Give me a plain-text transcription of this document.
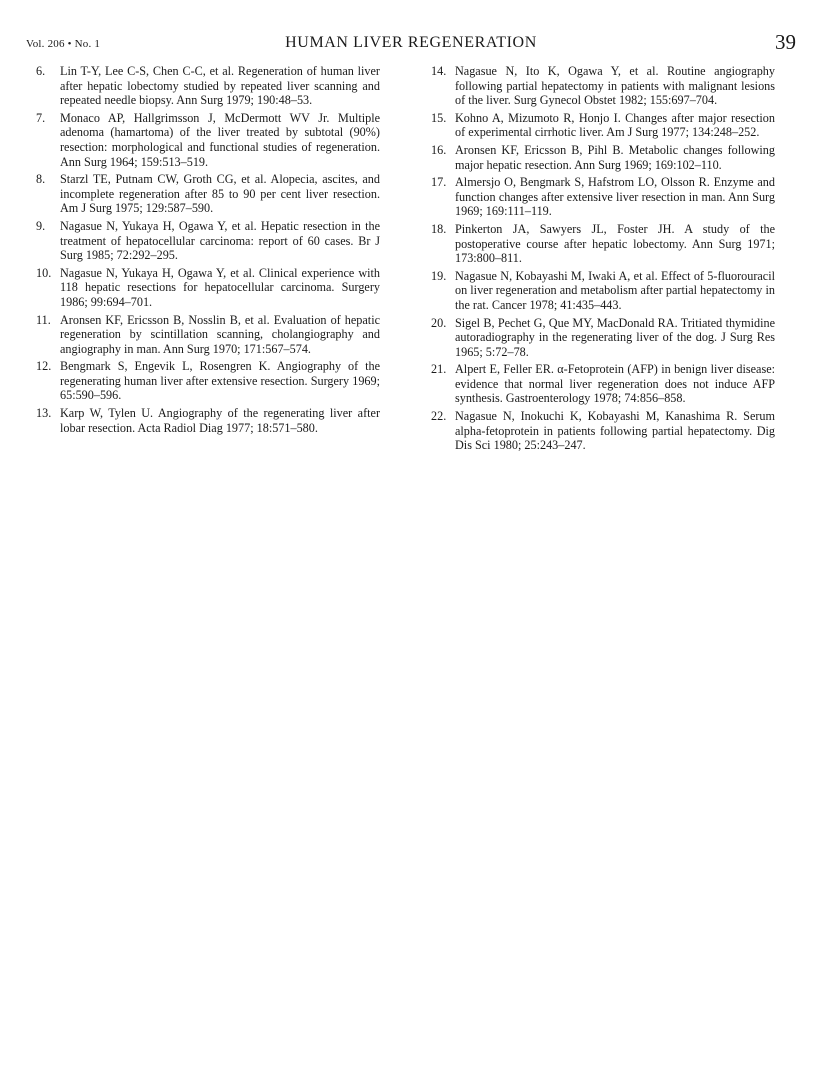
Vol. 206 • No. 1	HUMAN LIVER REGENERATION	39
6.	Lin T-Y, Lee C-S, Chen C-C, et al. Regeneration of human liver after hepatic lobectomy studied by repeated liver scanning and repeated needle biopsy. Ann Surg 1979; 190:48–53.
7.	Monaco AP, Hallgrimsson J, McDermott WV Jr. Multiple adenoma (hamartoma) of the liver treated by subtotal (90%) resection: morphological and functional studies of regeneration. Ann Surg 1964; 159:513–519.
8.	Starzl TE, Putnam CW, Groth CG, et al. Alopecia, ascites, and incomplete regeneration after 85 to 90 per cent liver resection. Am J Surg 1975; 129:587–590.
9.	Nagasue N, Yukaya H, Ogawa Y, et al. Hepatic resection in the treatment of hepatocellular carcinoma: report of 60 cases. Br J Surg 1985; 72:292–295.
10. Nagasue N, Yukaya H, Ogawa Y, et al. Clinical experience with 118 hepatic resections for hepatocellular carcinoma. Surgery 1986; 99:694–701.
11. Aronsen KF, Ericsson B, Nosslin B, et al. Evaluation of hepatic regeneration by scintillation scanning, cholangiography and angiography in man. Ann Surg 1970; 171:567–574.
12. Bengmark S, Engevik L, Rosengren K. Angiography of the regenerating human liver after extensive resection. Surgery 1969; 65:590–596.
13. Karp W, Tylen U. Angiography of the regenerating liver after lobar resection. Acta Radiol Diag 1977; 18:571–580.
14. Nagasue N, Ito K, Ogawa Y, et al. Routine angiography following partial hepatectomy in patients with malignant lesions of the liver. Surg Gynecol Obstet 1982; 155:697–704.
15. Kohno A, Mizumoto R, Honjo I. Changes after major resection of experimental cirrhotic liver. Am J Surg 1977; 134:248–252.
16. Aronsen KF, Ericsson B, Pihl B. Metabolic changes following major hepatic resection. Ann Surg 1969; 169:102–110.
17. Almersjo O, Bengmark S, Hafstrom LO, Olsson R. Enzyme and function changes after extensive liver resection in man. Ann Surg 1969; 169:111–119.
18. Pinkerton JA, Sawyers JL, Foster JH. A study of the postoperative course after hepatic lobectomy. Ann Surg 1971; 173:800–811.
19. Nagasue N, Kobayashi M, Iwaki A, et al. Effect of 5-fluorouracil on liver regeneration and metabolism after partial hepatectomy in the rat. Cancer 1978; 41:435–443.
20. Sigel B, Pechet G, Que MY, MacDonald RA. Tritiated thymidine autoradiography in the regenerating liver of the dog. J Surg Res 1965; 5:72–78.
21. Alpert E, Feller ER. α-Fetoprotein (AFP) in benign liver disease: evidence that normal liver regeneration does not induce AFP synthesis. Gastroenterology 1978; 74:856–858.
22. Nagasue N, Inokuchi K, Kobayashi M, Kanashima R. Serum alpha-fetoprotein in patients following partial hepatectomy. Dig Dis Sci 1980; 25:243–247.
